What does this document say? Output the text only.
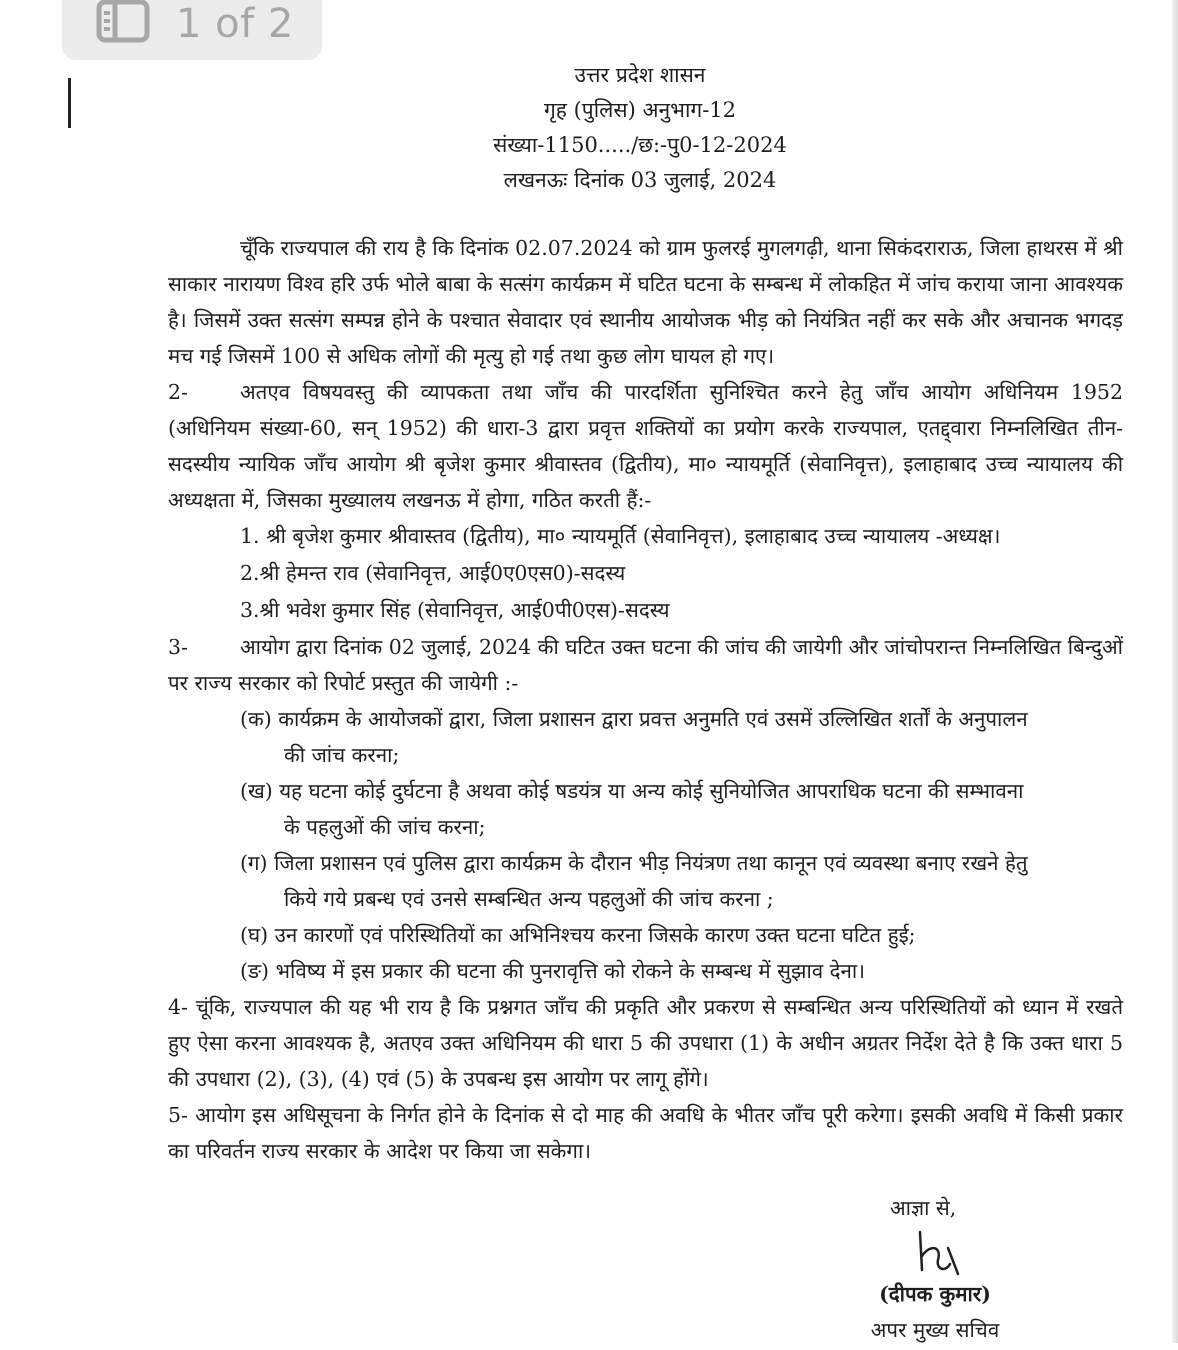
1 of 2
उत्तर प्रदेश शासन
गृह (पुलिस) अनुभाग-12
संख्या-1150...../छ:-पु0-12-2024
लखनऊः दिनांक 03 जुलाई, 2024

चूँकि राज्यपाल की राय है कि दिनांक 02.07.2024 को ग्राम फुलरई मुगलगढ़ी, थाना सिकंदराराऊ, जिला हाथरस में श्री साकार नारायण विश्व हरि उर्फ भोले बाबा के सत्संग कार्यक्रम में घटित घटना के सम्बन्ध में लोकहित में जांच कराया जाना आवश्यक है। जिसमें उक्त सत्संग सम्पन्न होने के पश्चात सेवादार एवं स्थानीय आयोजक भीड़ को नियंत्रित नहीं कर सके और अचानक भगदड़ मच गई जिसमें 100 से अधिक लोगों की मृत्यु हो गई तथा कुछ लोग घायल हो गए।

2-	अतएव विषयवस्तु की व्यापकता तथा जाँच की पारदर्शिता सुनिश्चित करने हेतु जाँच आयोग अधिनियम 1952 (अधिनियम संख्या-60, सन् 1952) की धारा-3 द्वारा प्रवृत्त शक्तियों का प्रयोग करके राज्यपाल, एतद्द्वारा निम्नलिखित तीन-सदस्यीय न्यायिक जाँच आयोग श्री बृजेश कुमार श्रीवास्तव (द्वितीय), मा० न्यायमूर्ति (सेवानिवृत्त), इलाहाबाद उच्च न्यायालय की अध्यक्षता में, जिसका मुख्यालय लखनऊ में होगा, गठित करती हैं:-
1. श्री बृजेश कुमार श्रीवास्तव (द्वितीय), मा० न्यायमूर्ति (सेवानिवृत्त), इलाहाबाद उच्च न्यायालय -अध्यक्ष।
2.श्री हेमन्त राव (सेवानिवृत्त, आई0ए0एस0)-सदस्य
3.श्री भवेश कुमार सिंह (सेवानिवृत्त, आई0पी0एस)-सदस्य
3-	आयोग द्वारा दिनांक 02 जुलाई, 2024 की घटित उक्त घटना की जांच की जायेगी और जांचोपरान्त निम्नलिखित बिन्दुओं पर राज्य सरकार को रिपोर्ट प्रस्तुत की जायेगी :-
(क) कार्यक्रम के आयोजकों द्वारा, जिला प्रशासन द्वारा प्रवत्त अनुमति एवं उसमें उल्लिखित शर्तों के अनुपालन
की जांच करना;
(ख) यह घटना कोई दुर्घटना है अथवा कोई षडयंत्र या अन्य कोई सुनियोजित आपराधिक घटना की सम्भावना
के पहलुओं की जांच करना;
(ग) जिला प्रशासन एवं पुलिस द्वारा कार्यक्रम के दौरान भीड़ नियंत्रण तथा कानून एवं व्यवस्था बनाए रखने हेतु
किये गये प्रबन्ध एवं उनसे सम्बन्धित अन्य पहलुओं की जांच करना ;
(घ) उन कारणों एवं परिस्थितियों का अभिनिश्चय करना जिसके कारण उक्त घटना घटित हुई;
(ङ) भविष्य में इस प्रकार की घटना की पुनरावृत्ति को रोकने के सम्बन्ध में सुझाव देना।

4- चूंकि, राज्यपाल की यह भी राय है कि प्रश्नगत जाँच की प्रकृति और प्रकरण से सम्बन्धित अन्य परिस्थितियों को ध्यान में रखते हुए ऐसा करना आवश्यक है, अतएव उक्त अधिनियम की धारा 5 की उपधारा (1) के अधीन अग्रतर निर्देश देते है कि उक्त धारा 5 की उपधारा (2), (3), (4) एवं (5) के उपबन्ध इस आयोग पर लागू होंगे।

5- आयोग इस अधिसूचना के निर्गत होने के दिनांक से दो माह की अवधि के भीतर जाँच पूरी करेगा। इसकी अवधि में किसी प्रकार का परिवर्तन राज्य सरकार के आदेश पर किया जा सकेगा।

आज्ञा से,
(दीपक कुमार)
अपर मुख्य सचिव
